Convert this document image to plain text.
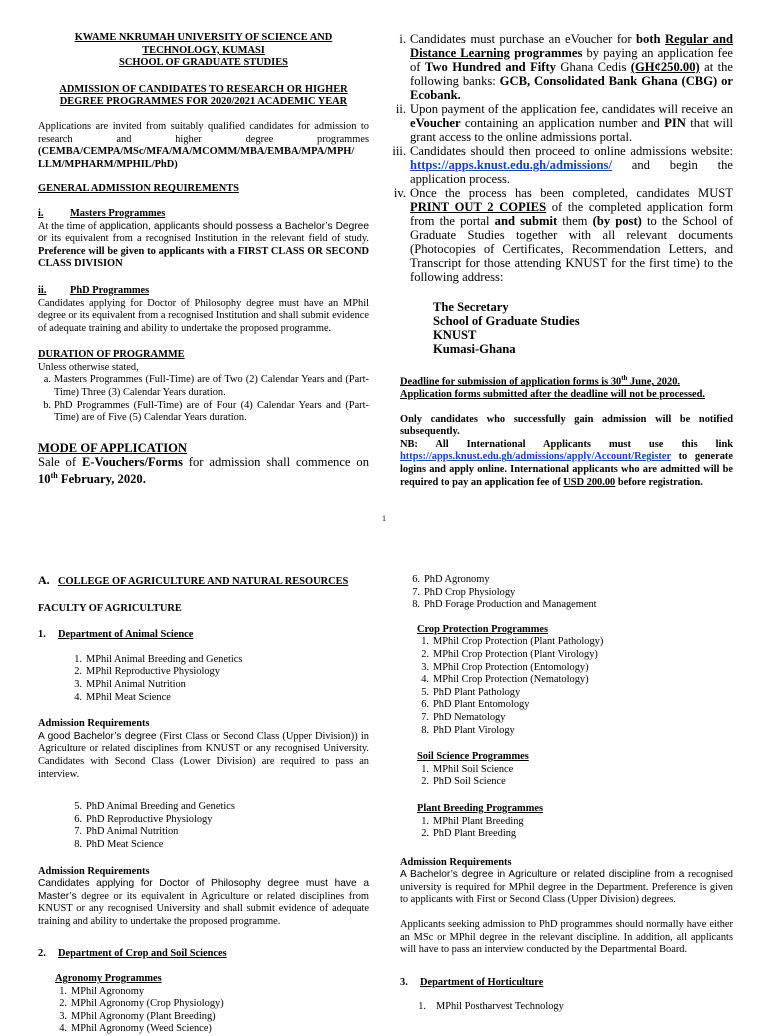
KWAME NKRUMAH UNIVERSITY OF SCIENCE AND
TECHNOLOGY, KUMASI
SCHOOL OF GRADUATE STUDIES
ADMISSION OF CANDIDATES TO RESEARCH OR HIGHER
DEGREE PROGRAMMES FOR 2020/2021 ACADEMIC YEAR

Applications are invited from suitably qualified candidates for admission to research and higher degree programmes (CEMBA/CEMPA/MSc/MFA/MA/MCOMM/MBA/EMBA/MPA/MPH/ LLM/MPHARM/MPHIL/PhD)

GENERAL ADMISSION REQUIREMENTS
i.	Masters Programmes

At the time of application, applicants should possess a Bachelor’s Degree or its equivalent from a recognised Institution in the relevant field of study. Preference will be given to applicants with a FIRST CLASS OR SECOND CLASS DIVISION

ii. PhD Programmes

Candidates applying for Doctor of Philosophy degree must have an MPhil degree or its equivalent from a recognised Institution and shall submit evidence of adequate training and ability to undertake the proposed programme.

DURATION OF PROGRAMME
Unless otherwise stated,
a. Masters Programmes (Full-Time) are of Two (2) Calendar Years and (Part-Time) Three (3) Calendar Years duration.
b. PhD Programmes (Full-Time) are of Four (4) Calendar Years and (Part-Time) are of Five (5) Calendar Years duration.
MODE OF APPLICATION

Sale of E-Vouchers/Forms for admission shall commence on 10th February, 2020.

i. Candidates must purchase an eVoucher for both Regular and Distance Learning programmes by paying an application fee of Two Hundred and Fifty Ghana Cedis (GH¢250.00) at the following banks: GCB, Consolidated Bank Ghana (CBG) or Ecobank.
ii. Upon payment of the application fee, candidates will receive an eVoucher containing an application number and PIN that will grant access to the online admissions portal.
iii. Candidates should then proceed to online admissions website: https://apps.knust.edu.gh/admissions/ and begin the application process.
iv. Once the process has been completed, candidates MUST PRINT OUT 2 COPIES of the completed application form from the portal and submit them (by post) to the School of Graduate Studies together with all relevant documents (Photocopies of Certificates, Recommendation Letters, and Transcript for those attending KNUST for the first time) to the following address:
The Secretary
School of Graduate Studies
KNUST
Kumasi-Ghana
Deadline for submission of application forms is 30th June, 2020.
Application forms submitted after the deadline will not be processed.

Only candidates who successfully gain admission will be notified subsequently.

NB: All International Applicants must use this link https://apps.knust.edu.gh/admissions/apply/Account/Register to generate logins and apply online. International applicants who are admitted will be required to pay an application fee of USD 200.00 before registration.

1
A. COLLEGE OF AGRICULTURE AND NATURAL RESOURCES
FACULTY OF AGRICULTURE
1. Department of Animal Science
1. MPhil Animal Breeding and Genetics
2. MPhil Reproductive Physiology
3. MPhil Animal Nutrition
4. MPhil Meat Science
Admission Requirements

A good Bachelor’s degree (First Class or Second Class (Upper Division)) in Agriculture or related disciplines from KNUST or any recognised University. Candidates with Second Class (Lower Division) are required to pass an interview.

5. PhD Animal Breeding and Genetics
6. PhD Reproductive Physiology
7. PhD Animal Nutrition
8. PhD Meat Science
Admission Requirements

Candidates applying for Doctor of Philosophy degree must have a Master’s degree or its equivalent in Agriculture or related disciplines from KNUST or any recognised University and shall submit evidence of adequate training and ability to undertake the proposed programme.

2. Department of Crop and Soil Sciences
Agronomy Programmes
1. MPhil Agronomy
2. MPhil Agronomy (Crop Physiology)
3. MPhil Agronomy (Plant Breeding)
4. MPhil Agronomy (Weed Science)
6. PhD Agronomy
7. PhD Crop Physiology
8. PhD Forage Production and Management
Crop Protection Programmes
1. MPhil Crop Protection (Plant Pathology)
2. MPhil Crop Protection (Plant Virology)
3. MPhil Crop Protection (Entomology)
4. MPhil Crop Protection (Nematology)
5. PhD Plant Pathology
6. PhD Plant Entomology
7. PhD Nematology
8. PhD Plant Virology
Soil Science Programmes
1. MPhil Soil Science
2. PhD Soil Science
Plant Breeding Programmes
1. MPhil Plant Breeding
2. PhD Plant Breeding
Admission Requirements

A Bachelor’s degree in Agriculture or related discipline from a recognised university is required for MPhil degree in the Department. Preference is given to applicants with First or Second Class (Upper Division) degrees.

Applicants seeking admission to PhD programmes should normally have either an MSc or MPhil degree in the relevant discipline. In addition, all applicants will have to pass an interview conducted by the Departmental Board.

3. Department of Horticulture
1. MPhil Postharvest Technology
